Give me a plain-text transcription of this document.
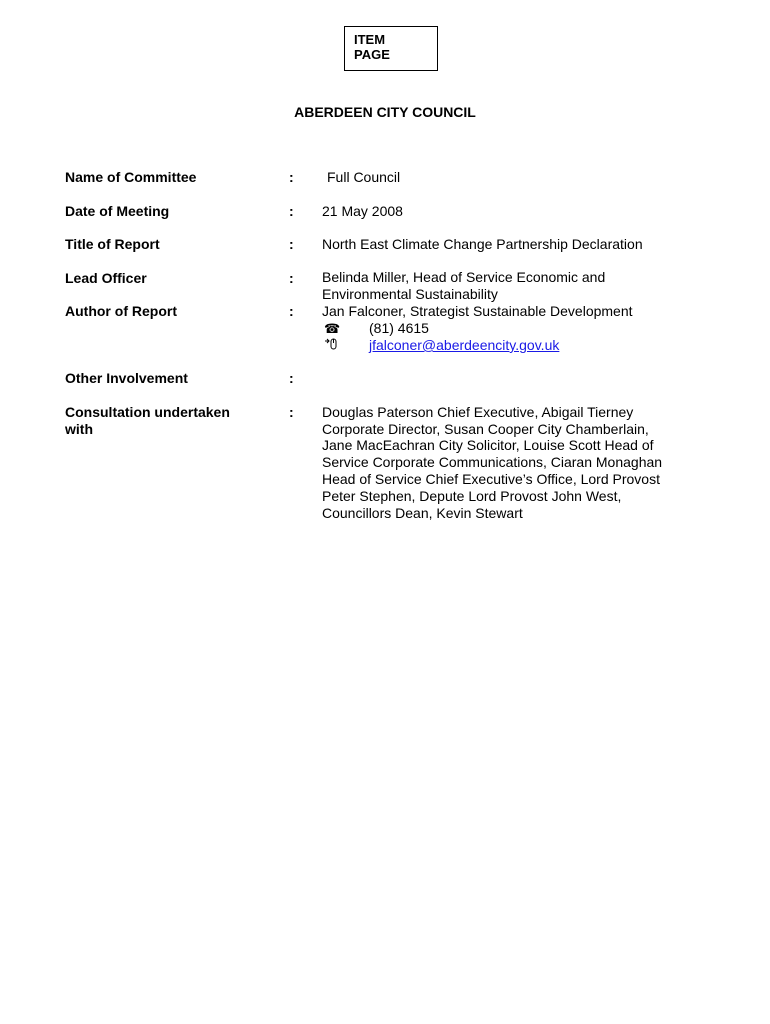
ITEM
PAGE
ABERDEEN CITY COUNCIL
Name of Committee	: Full Council
Date of Meeting	: 21 May 2008
Title of Report	: North East Climate Change Partnership Declaration
Lead Officer	: Belinda Miller, Head of Service Economic and
Environmental Sustainability
Author of Report	: Jan Falconer, Strategist Sustainable Development
☎ (81) 4615
jfalconer@aberdeencity.gov.uk
Other Involvement	:
Consultation undertaken
with
: Douglas Paterson Chief Executive, Abigail Tierney
Corporate Director, Susan Cooper City Chamberlain,
Jane MacEachran City Solicitor, Louise Scott Head of
Service Corporate Communications, Ciaran Monaghan
Head of Service Chief Executive’s Office, Lord Provost
Peter Stephen, Depute Lord Provost John West,
Councillors Dean, Kevin Stewart
